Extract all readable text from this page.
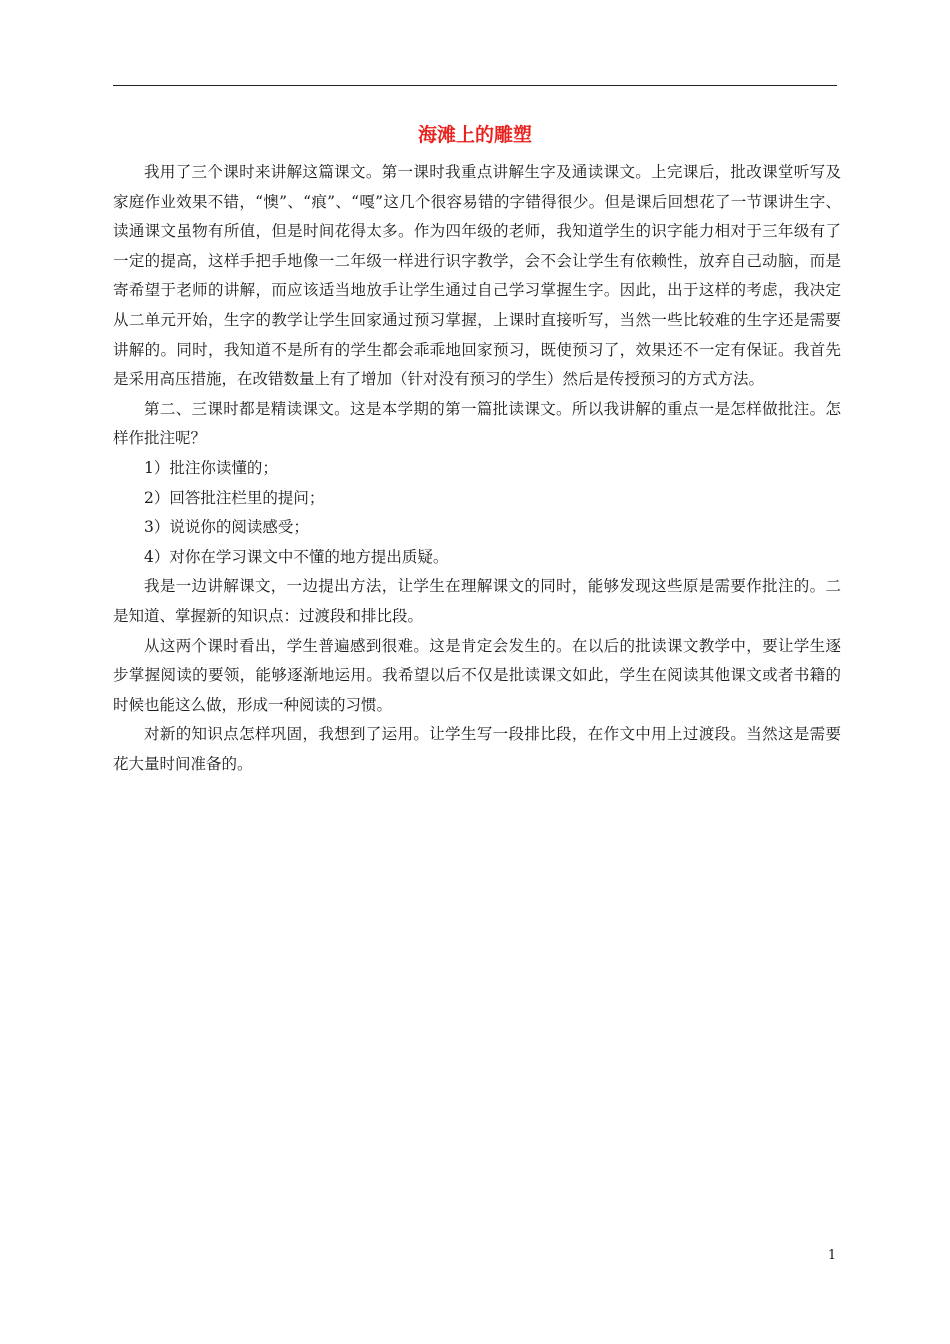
海滩上的雕塑

我用了三个课时来讲解这篇课文。第一课时我重点讲解生字及通读课文。上完课后，批改课堂听写及家庭作业效果不错，“懊”、“痕”、“嘎”这几个很容易错的字错得很少。但是课后回想花了一节课讲生字、读通课文虽物有所值，但是时间花得太多。作为四年级的老师，我知道学生的识字能力相对于三年级有了一定的提高，这样手把手地像一二年级一样进行识字教学，会不会让学生有依赖性，放弃自己动脑，而是寄希望于老师的讲解，而应该适当地放手让学生通过自己学习掌握生字。因此，出于这样的考虑，我决定从二单元开始，生字的教学让学生回家通过预习掌握，上课时直接听写，当然一些比较难的生字还是需要讲解的。同时，我知道不是所有的学生都会乖乖地回家预习，既使预习了，效果还不一定有保证。我首先是采用高压措施，在改错数量上有了增加（针对没有预习的学生）然后是传授预习的方式方法。

第二、三课时都是精读课文。这是本学期的第一篇批读课文。所以我讲解的重点一是怎样做批注。怎样作批注呢？

1）批注你读懂的；

2）回答批注栏里的提问；

3）说说你的阅读感受；

4）对你在学习课文中不懂的地方提出质疑。

我是一边讲解课文，一边提出方法，让学生在理解课文的同时，能够发现这些原是需要作批注的。二是知道、掌握新的知识点：过渡段和排比段。

从这两个课时看出，学生普遍感到很难。这是肯定会发生的。在以后的批读课文教学中，要让学生逐步掌握阅读的要领，能够逐渐地运用。我希望以后不仅是批读课文如此，学生在阅读其他课文或者书籍的时候也能这么做，形成一种阅读的习惯。

对新的知识点怎样巩固，我想到了运用。让学生写一段排比段，在作文中用上过渡段。当然这是需要花大量时间准备的。

1
